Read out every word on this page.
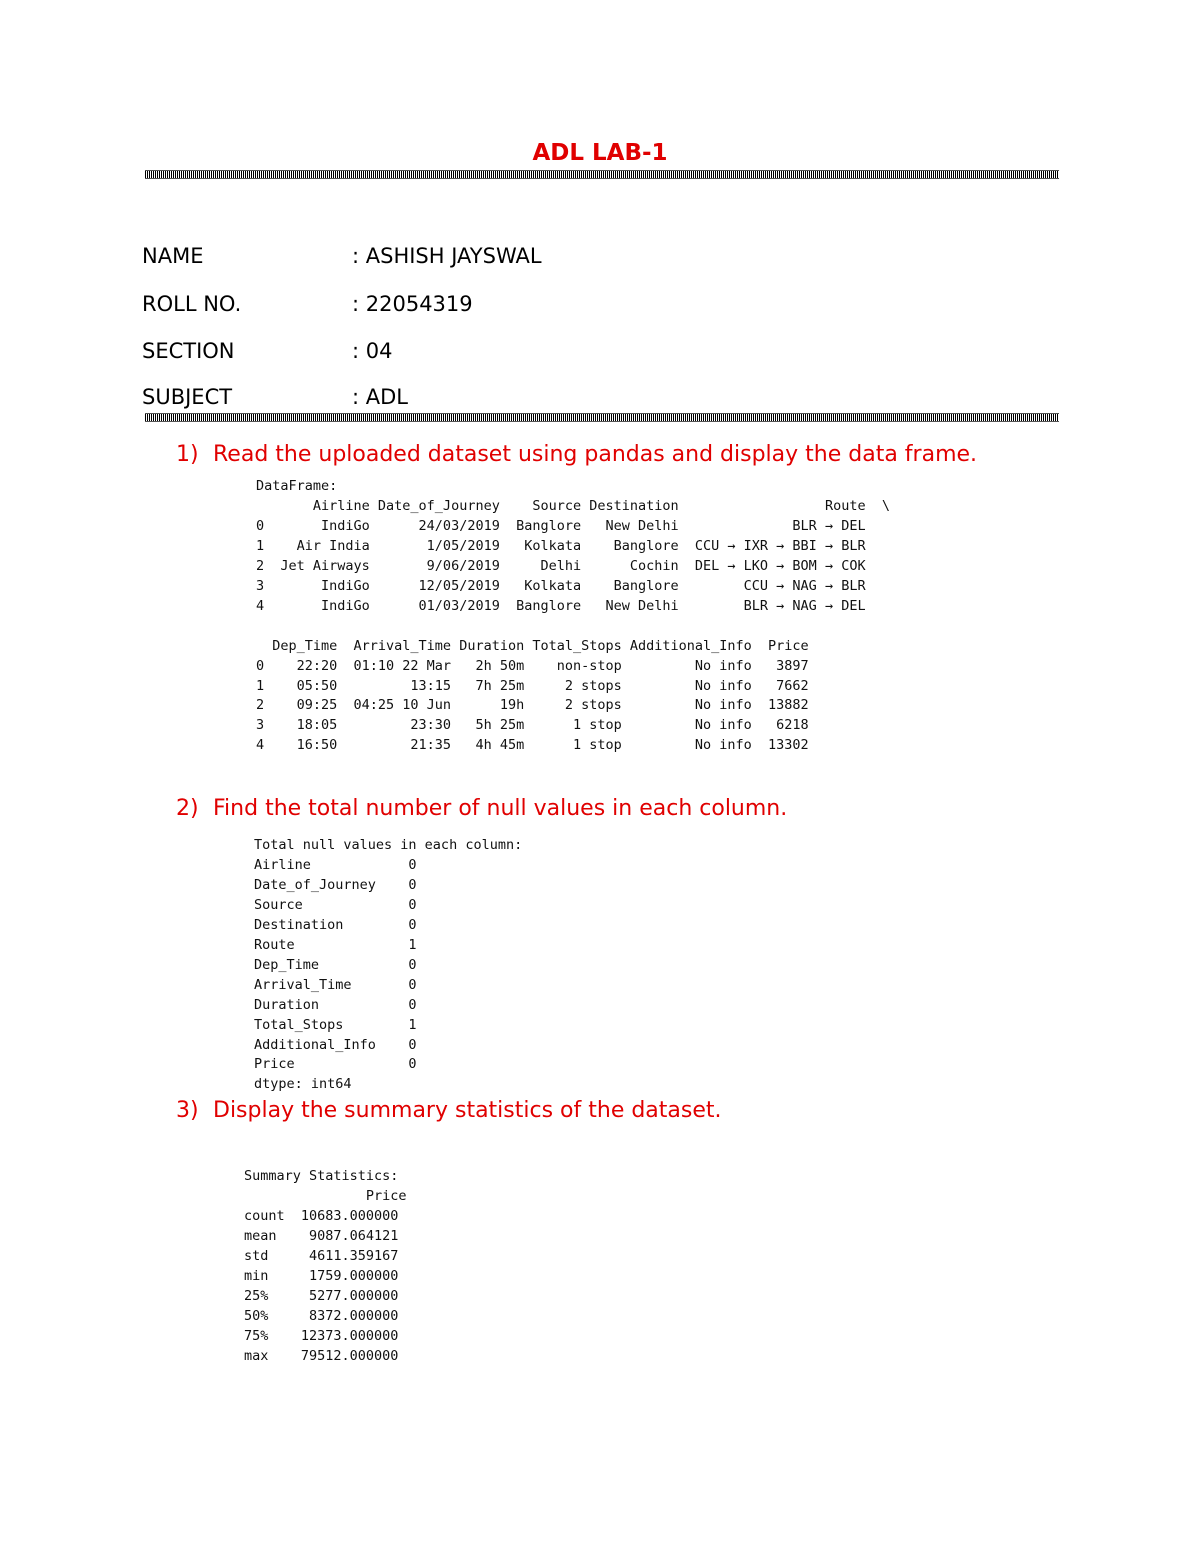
ADL LAB-1
NAME	: ASHISH JAYSWAL
ROLL NO.	: 22054319
SECTION	: 04
SUBJECT	: ADL
1) Read the uploaded dataset using pandas and display the data frame.
DataFrame:
Airline Date_of_Journey    Source Destination                  Route  \
0       IndiGo      24/03/2019  Banglore   New Delhi              BLR → DEL
1    Air India       1/05/2019   Kolkata    Banglore  CCU → IXR → BBI → BLR
2  Jet Airways       9/06/2019     Delhi      Cochin  DEL → LKO → BOM → COK
3       IndiGo      12/05/2019   Kolkata    Banglore        CCU → NAG → BLR
4       IndiGo      01/03/2019  Banglore   New Delhi        BLR → NAG → DEL

Dep_Time  Arrival_Time Duration Total_Stops Additional_Info  Price
0    22:20  01:10 22 Mar   2h 50m    non-stop         No info   3897
1    05:50         13:15   7h 25m     2 stops         No info   7662
2    09:25  04:25 10 Jun      19h     2 stops         No info  13882
3    18:05         23:30   5h 25m      1 stop         No info   6218
4    16:50         21:35   4h 45m      1 stop         No info  13302
2) Find the total number of null values in each column.
Total null values in each column:
Airline            0
Date_of_Journey    0
Source             0
Destination        0
Route              1
Dep_Time           0
Arrival_Time       0
Duration           0
Total_Stops        1
Additional_Info    0
Price              0
dtype: int64
3) Display the summary statistics of the dataset.
Summary Statistics:
Price
count  10683.000000
mean    9087.064121
std     4611.359167
min     1759.000000
25%     5277.000000
50%     8372.000000
75%    12373.000000
max    79512.000000
